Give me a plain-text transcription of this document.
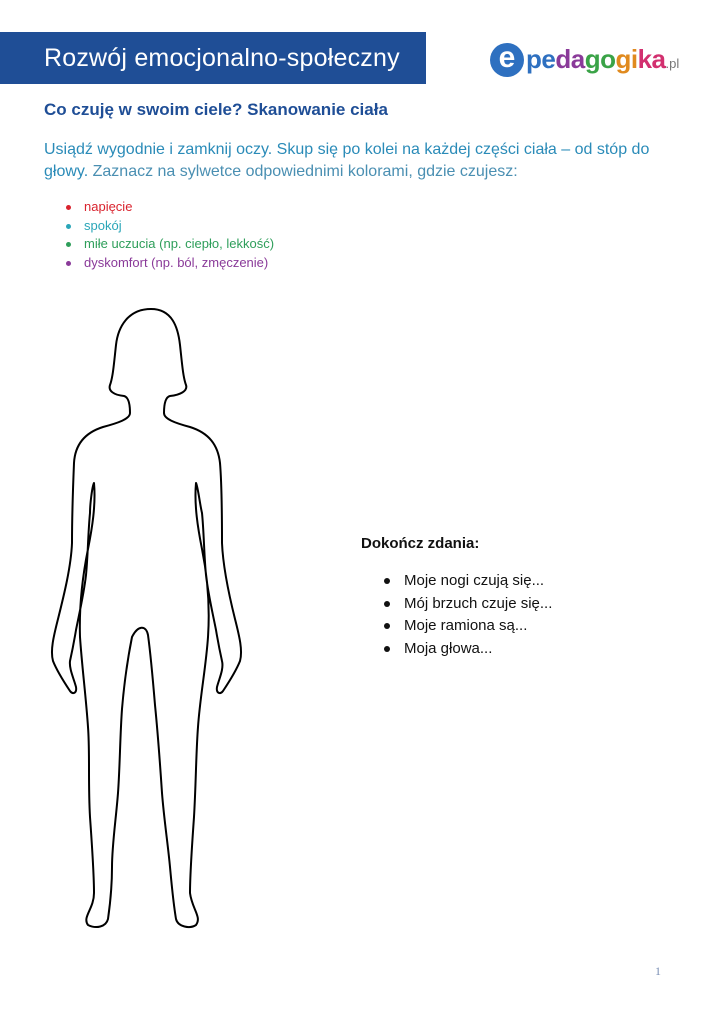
Rozwój emocjonalno-społeczny	e pedagogika.pl
Co czuję w swoim ciele? Skanowanie ciała

Usiądź wygodnie i zamknij oczy. Skup się po kolei na każdej części ciała – od stóp do głowy. Zaznacz na sylwetce odpowiednimi kolorami, gdzie czujesz:

napięcie
spokój
miłe uczucia (np. ciepło, lekkość)
dyskomfort (np. ból, zmęczenie)
Dokończ zdania:
Moje nogi czują się...
Mój brzuch czuje się...
Moje ramiona są...
Moja głowa...
1
